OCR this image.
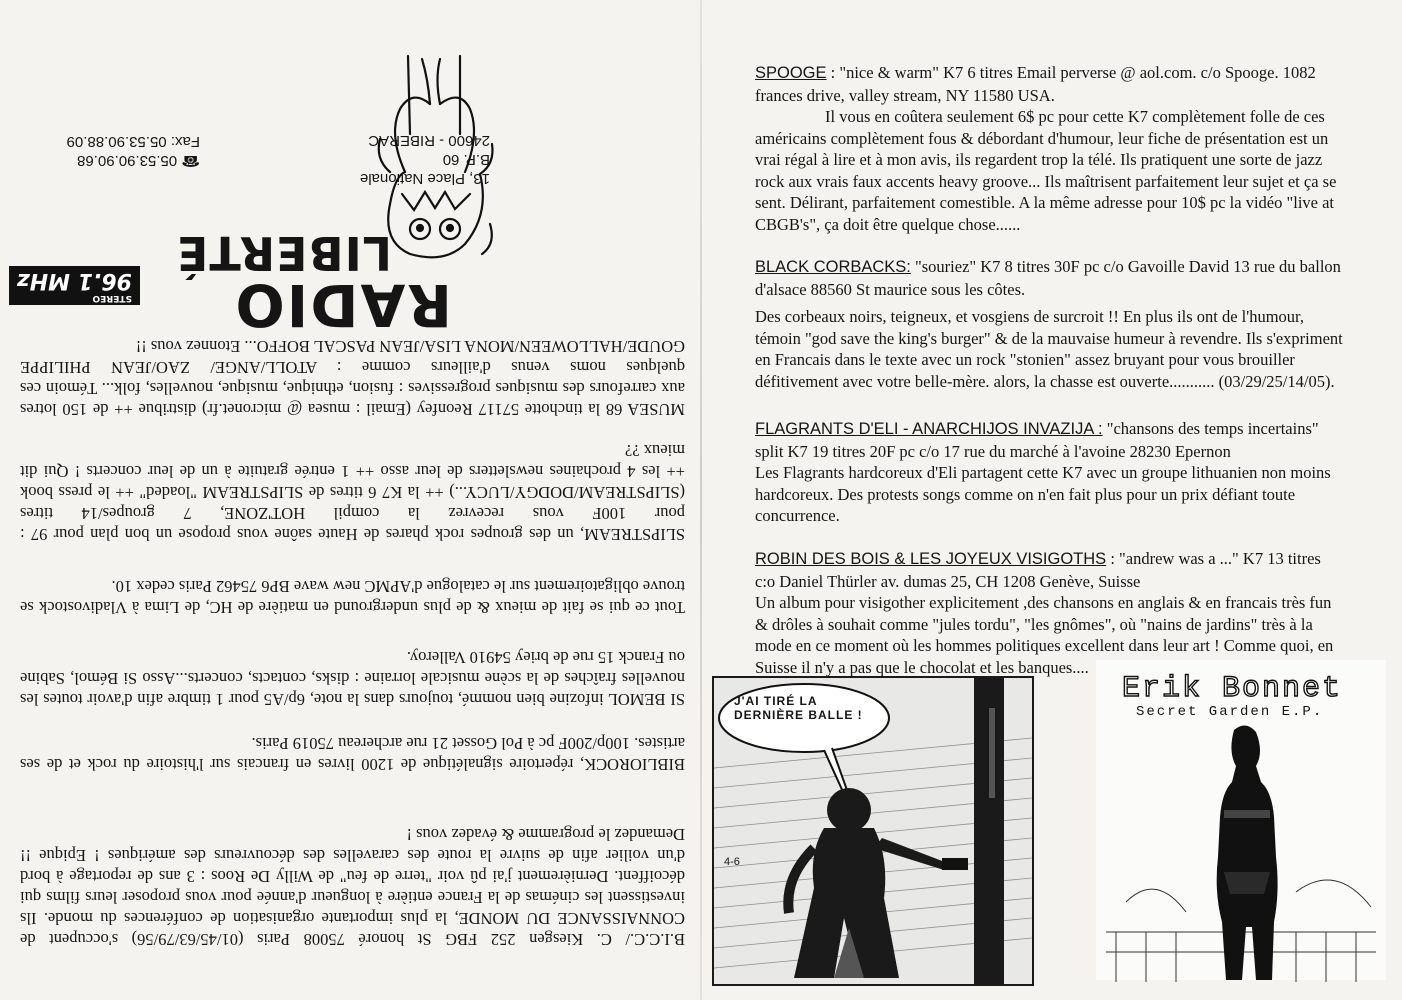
STEREO
96.1 MHz	RADIO
LIBERTÉ
13, Place Nationale
B.P. 60
24600 - RIBERAC
☎ 05.53.90.90.68
Fax: 05.53.90.88.09
MUSEA 68 la tinchotte 57117 Reonfey (Email : musea @ micronet.fr) distribue ++ de 150 lotres aux carrefours des musiques progressives : fusion, ethnique, musique, nouvelles, folk... Témoin ces quelques noms venus d'ailleurs comme : ATOLL/ANGE/ ZAO/JEAN PHILIPPE GOUDE/HALLOWEEN/MONA LISA/JEAN PASCAL BOFFO... Etonnez vous !!
SLIPSTREAM, un des groupes rock phares de Haute saône vous propose un bon plan pour 97 : pour 100F vous recevrez la compil HOT'ZONE, 7 groupes/14 titres (SLIPSTREAM/DODGY/LUCY...) ++ la K7 6 titres de SLIPSTREAM "loaded" ++ le press book ++ les 4 prochaines newsletters de leur asso ++ 1 entrée gratuite à un de leur concerts ! Qui dit mieux ??
Tout ce qui se fait de mieux & de plus underground en matière de HC, de Lima à Vladivostock se trouve obligatoirement sur le catalogue d'APMC new wave BP6 75462 Paris cedex 10.
SI BEMOL infozine bien nommé, toujours dans la note, 6p/A5 pour 1 timbre afin d'avoir toutes les nouvelles fraîches de la scène musicale lorraine : disks, contacts, concerts...Asso Si Bémol, Sabine ou Franck 15 rue de briey 54910 Valleroy.
BIBLIOROCK, répertoire signalétique de 1200 livres en francais sur l'histoire du rock et de ses artistes. 100p/200F pc à Pol Gosset 21 rue archereau 75019 Paris.
B.I.C.C./ C. Kiesgen 252 FBG St honoré 75008 Paris (01/45/63/79/56) s'occupent de CONNAISSANCE DU MONDE, la plus importante organisation de conférences du monde. Ils investissent les cinémas de la France entière à longueur d'année pour vous proposer leurs films qui décoiffent. Dernièrement j'ai pû voir "terre de feu" de Willy De Roos : 3 ans de reportage à bord d'un voilier afin de suivre la route des caravelles des découvreurs des amériques ! Epique !! Demandez le programme & évadez vous !
SPOOGE : "nice & warm" K7 6 titres Email perverse @ aol.com. c/o Spooge. 1082 frances drive, valley stream, NY 11580 USA.
Il vous en coûtera seulement 6$ pc pour cette K7 complètement folle de ces américains complètement fous & débordant d'humour, leur fiche de présentation est un vrai régal à lire et à mon avis, ils regardent trop la télé. Ils pratiquent une sorte de jazz rock aux vrais faux accents heavy groove... Ils maîtrisent parfaitement leur sujet et ça se sent. Délirant, parfaitement comestible. A la même adresse pour 10$ pc la vidéo "live at CBGB's", ça doit être quelque chose......
BLACK CORBACKS: "souriez" K7 8 titres 30F pc c/o Gavoille David 13 rue du ballon d'alsace 88560 St maurice sous les côtes.
Des corbeaux noirs, teigneux, et vosgiens de surcroit !! En plus ils ont de l'humour, témoin "god save the king's burger" & de la mauvaise humeur à revendre. Ils s'expriment en Francais dans le texte avec un rock "stonien" assez bruyant pour vous brouiller défitivement avec votre belle-mère. alors, la chasse est ouverte........... (03/29/25/14/05).
FLAGRANTS D'ELI - ANARCHIJOS INVAZIJA : "chansons des temps incertains" split K7 19 titres 20F pc c/o 17 rue du marché à l'avoine 28230 Epernon
Les Flagrants hardcoreux d'Eli partagent cette K7 avec un groupe lithuanien non moins hardcoreux. Des protests songs comme on n'en fait plus pour un prix défiant toute concurrence.
ROBIN DES BOIS & LES JOYEUX VISIGOTHS : "andrew was a ..." K7 13 titres c:o Daniel Thürler av. dumas 25, CH 1208 Genève, Suisse
Un album pour visigother explicitement ,des chansons en anglais & en francais très fun & drôles à souhait comme "jules tordu", "les gnômes", où "nains de jardins" très à la mode en ce moment où les hommes politiques excellent dans leur art ! Comme quoi, en Suisse il n'y a pas que le chocolat et les banques....
J'AI TIRÉ LA DERNIÈRE BALLE !
4-6
Erik Bonnet
Secret Garden E.P.
